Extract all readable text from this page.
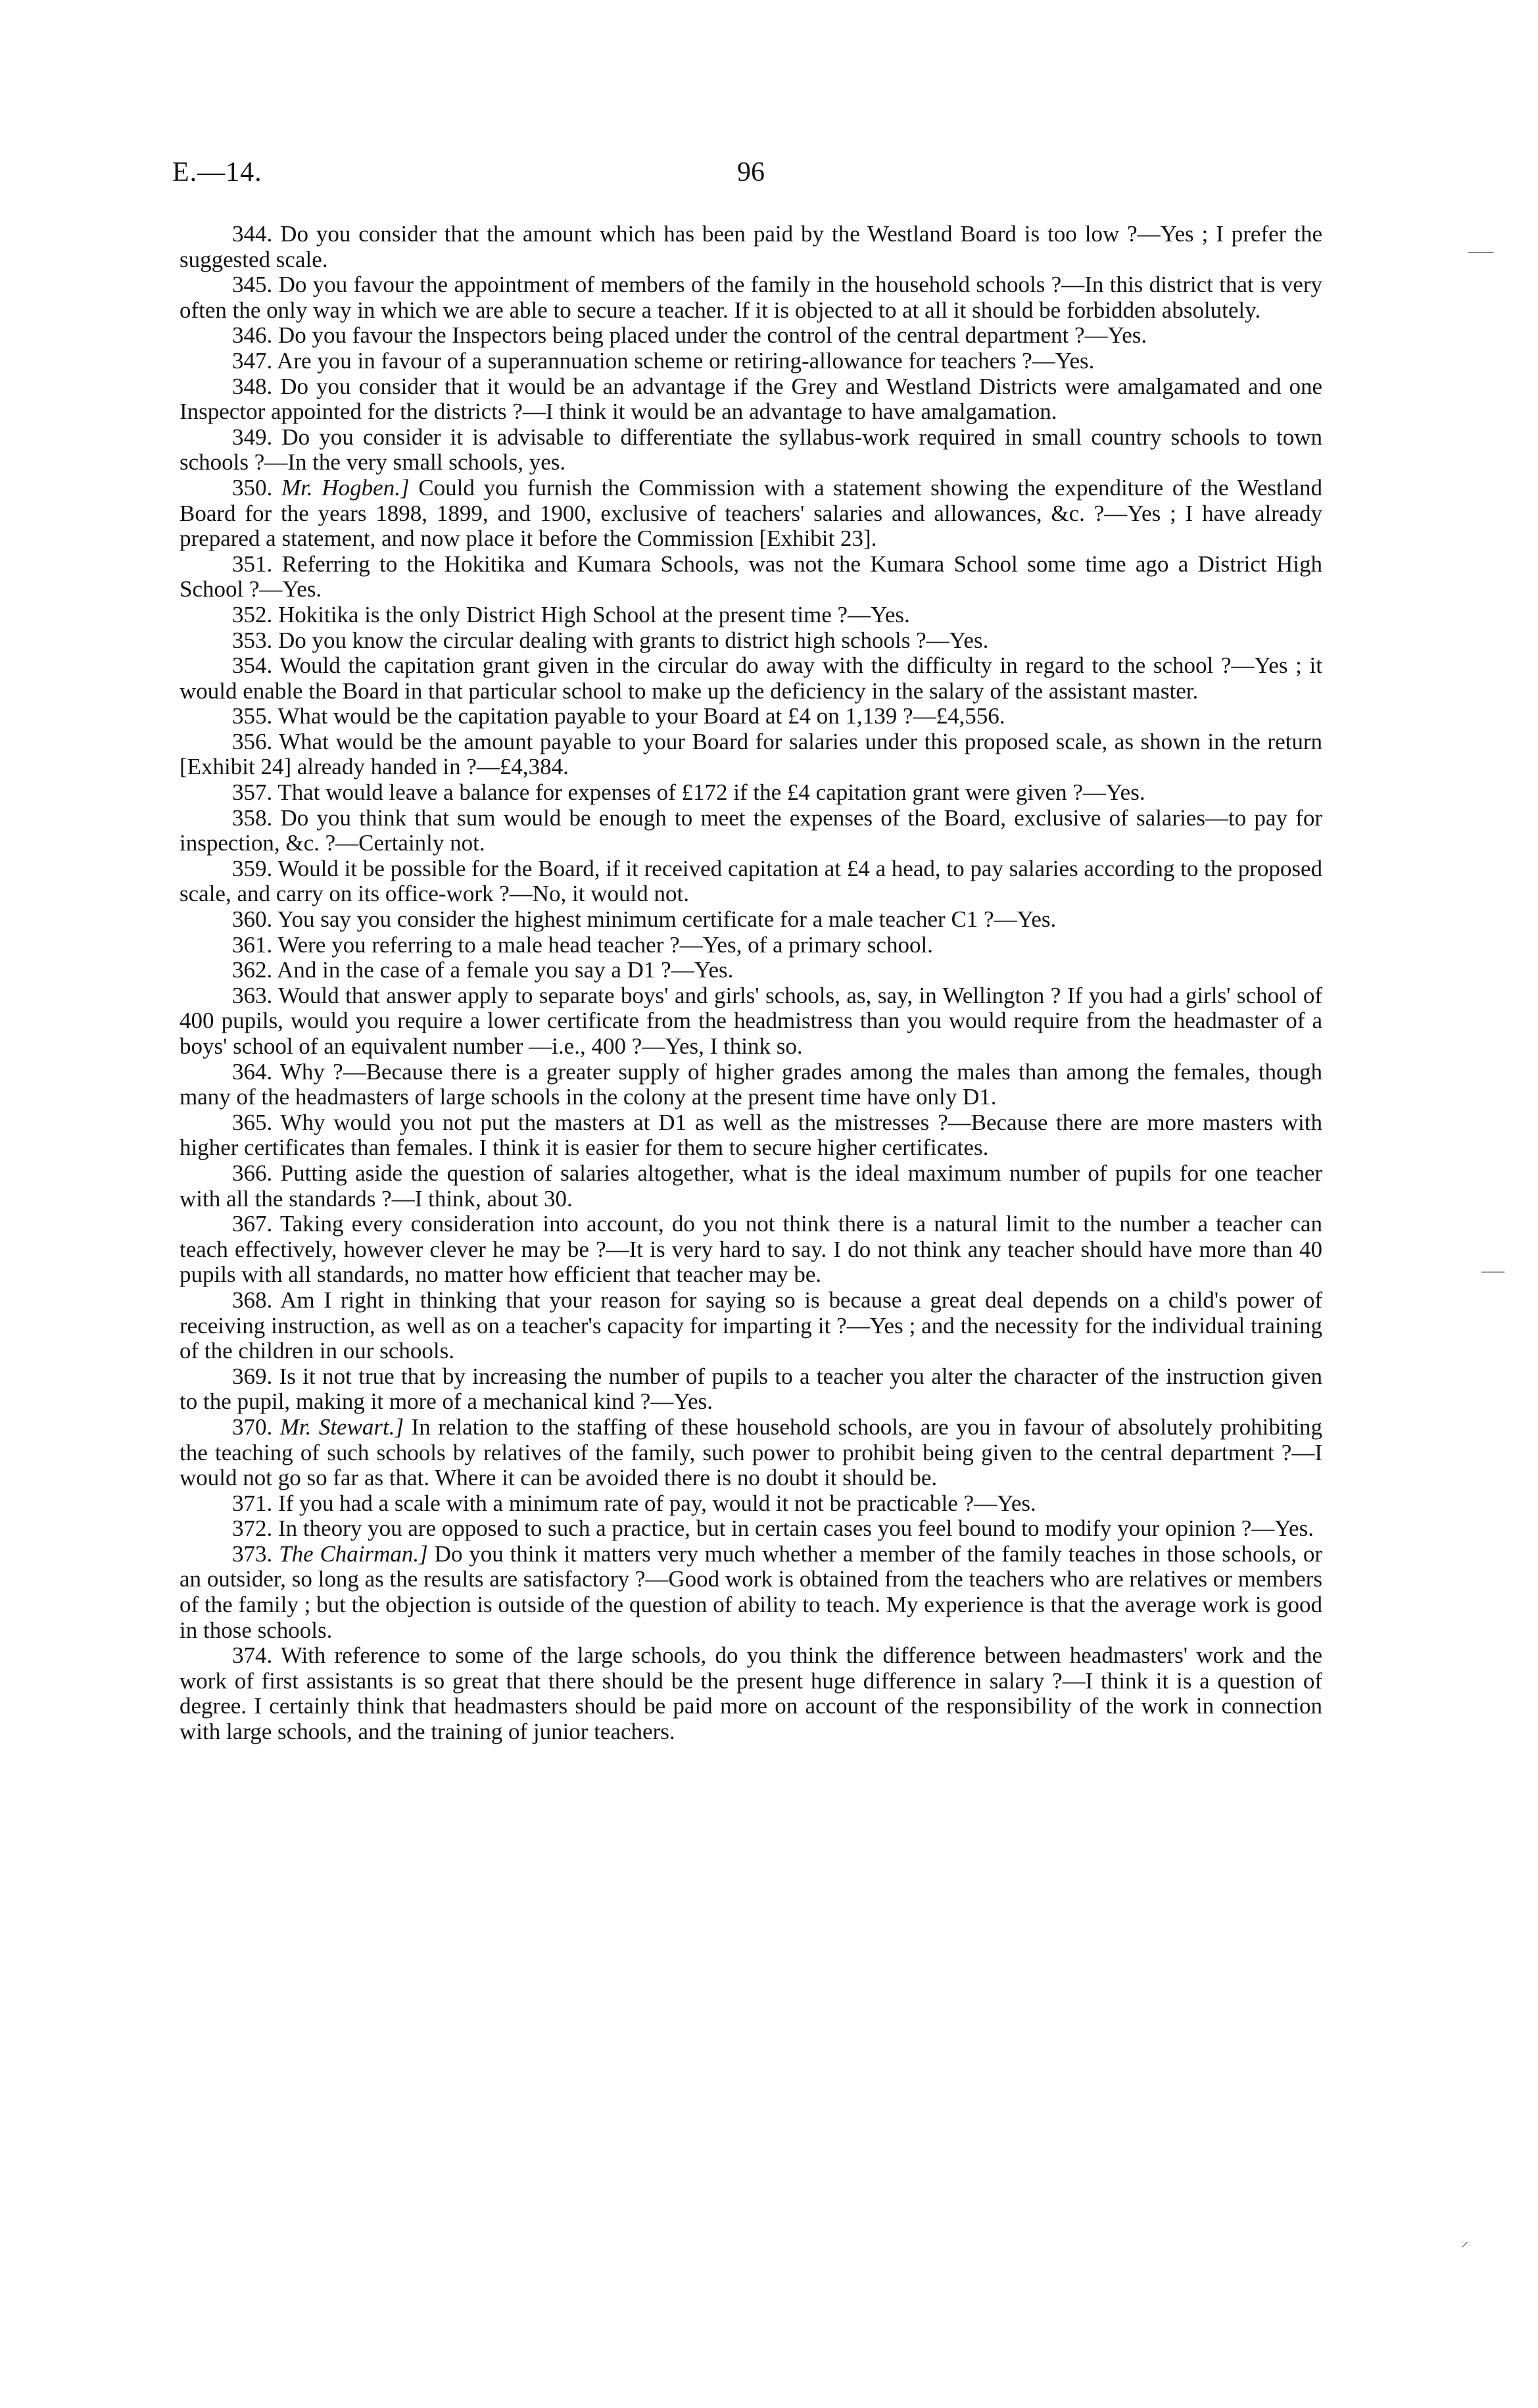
E.—14.	96

344. Do you consider that the amount which has been paid by the Westland Board is too low ?—Yes ; I prefer the suggested scale.

345. Do you favour the appointment of members of the family in the household schools ?—In this district that is very often the only way in which we are able to secure a teacher. If it is objected to at all it should be forbidden absolutely.

346. Do you favour the Inspectors being placed under the control of the central department ?—Yes.

347. Are you in favour of a superannuation scheme or retiring-allowance for teachers ?—Yes.

348. Do you consider that it would be an advantage if the Grey and Westland Districts were amalgamated and one Inspector appointed for the districts ?—I think it would be an advantage to have amalgamation.

349. Do you consider it is advisable to differentiate the syllabus-work required in small country schools to town schools ?—In the very small schools, yes.

350. Mr. Hogben.] Could you furnish the Commission with a statement showing the expenditure of the Westland Board for the years 1898, 1899, and 1900, exclusive of teachers' salaries and allowances, &c. ?—Yes ; I have already prepared a statement, and now place it before the Commission [Exhibit 23].

351. Referring to the Hokitika and Kumara Schools, was not the Kumara School some time ago a District High School ?—Yes.

352. Hokitika is the only District High School at the present time ?—Yes.

353. Do you know the circular dealing with grants to district high schools ?—Yes.

354. Would the capitation grant given in the circular do away with the difficulty in regard to the school ?—Yes ; it would enable the Board in that particular school to make up the deficiency in the salary of the assistant master.

355. What would be the capitation payable to your Board at £4 on 1,139 ?—£4,556.

356. What would be the amount payable to your Board for salaries under this proposed scale, as shown in the return [Exhibit 24] already handed in ?—£4,384.

357. That would leave a balance for expenses of £172 if the £4 capitation grant were given ?—Yes.

358. Do you think that sum would be enough to meet the expenses of the Board, exclusive of salaries—to pay for inspection, &c. ?—Certainly not.

359. Would it be possible for the Board, if it received capitation at £4 a head, to pay salaries according to the proposed scale, and carry on its office-work ?—No, it would not.

360. You say you consider the highest minimum certificate for a male teacher C1 ?—Yes.

361. Were you referring to a male head teacher ?—Yes, of a primary school.

362. And in the case of a female you say a D1 ?—Yes.

363. Would that answer apply to separate boys' and girls' schools, as, say, in Wellington ? If you had a girls' school of 400 pupils, would you require a lower certificate from the headmistress than you would require from the headmaster of a boys' school of an equivalent number —i.e., 400 ?—Yes, I think so.

364. Why ?—Because there is a greater supply of higher grades among the males than among the females, though many of the headmasters of large schools in the colony at the present time have only D1.

365. Why would you not put the masters at D1 as well as the mistresses ?—Because there are more masters with higher certificates than females. I think it is easier for them to secure higher certificates.

366. Putting aside the question of salaries altogether, what is the ideal maximum number of pupils for one teacher with all the standards ?—I think, about 30.

367. Taking every consideration into account, do you not think there is a natural limit to the number a teacher can teach effectively, however clever he may be ?—It is very hard to say. I do not think any teacher should have more than 40 pupils with all standards, no matter how efficient that teacher may be.

368. Am I right in thinking that your reason for saying so is because a great deal depends on a child's power of receiving instruction, as well as on a teacher's capacity for imparting it ?—Yes ; and the necessity for the individual training of the children in our schools.

369. Is it not true that by increasing the number of pupils to a teacher you alter the character of the instruction given to the pupil, making it more of a mechanical kind ?—Yes.

370. Mr. Stewart.] In relation to the staffing of these household schools, are you in favour of absolutely prohibiting the teaching of such schools by relatives of the family, such power to prohibit being given to the central department ?—I would not go so far as that. Where it can be avoided there is no doubt it should be.

371. If you had a scale with a minimum rate of pay, would it not be practicable ?—Yes.

372. In theory you are opposed to such a practice, but in certain cases you feel bound to modify your opinion ?—Yes.

373. The Chairman.] Do you think it matters very much whether a member of the family teaches in those schools, or an outsider, so long as the results are satisfactory ?—Good work is obtained from the teachers who are relatives or members of the family ; but the objection is outside of the question of ability to teach. My experience is that the average work is good in those schools.

374. With reference to some of the large schools, do you think the difference between headmasters' work and the work of first assistants is so great that there should be the present huge difference in salary ?—I think it is a question of degree. I certainly think that headmasters should be paid more on account of the responsibility of the work in connection with large schools, and the training of junior teachers.

⸺
⸺
⸝
